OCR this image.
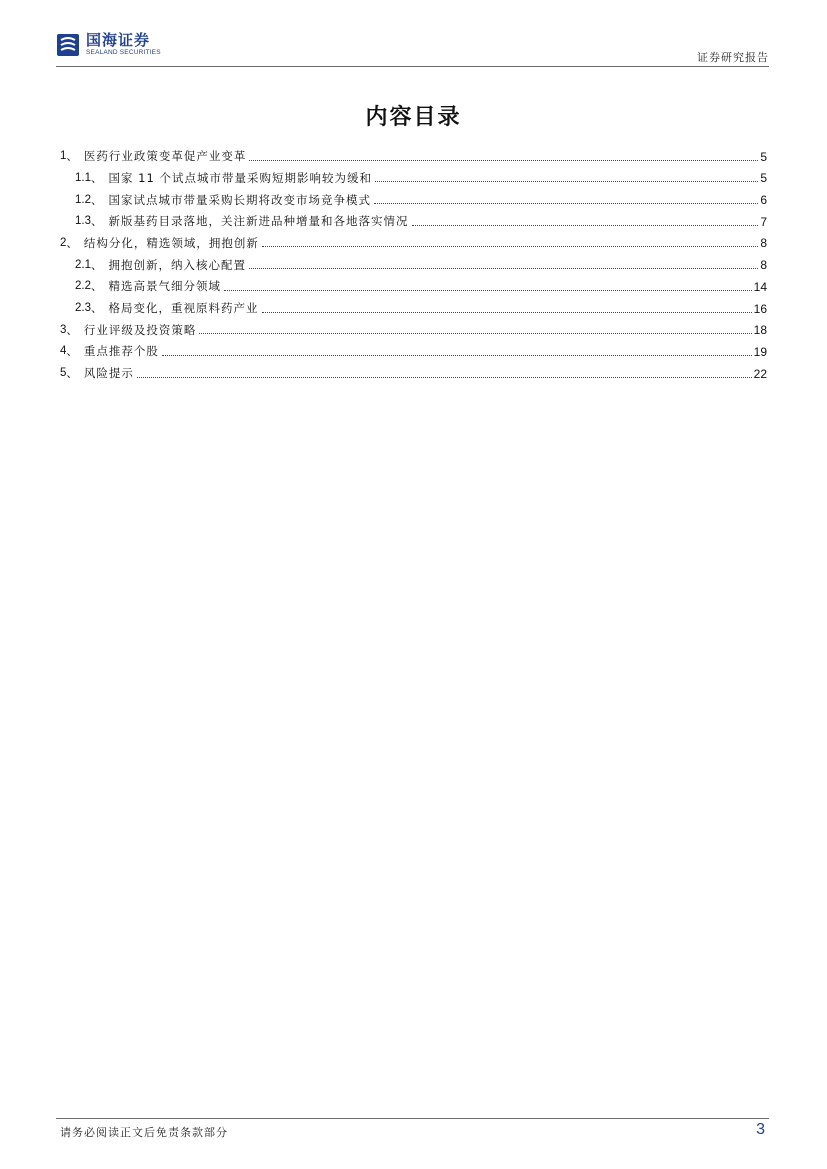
国海证券
SEALAND SECURITIES	证券研究报告
内容目录
1 、 医药行业政策变革促产业变革	5
1.1 、 国家 11 个试点城市带量采购短期影响较为缓和	5
1.2 、 国家试点城市带量采购长期将改变市场竞争模式	6
1.3 、 新版基药目录落地，关注新进品种增量和各地落实情况	7
2 、 结构分化，精选领域，拥抱创新	8
2.1 、 拥抱创新，纳入核心配置	8
2.2 、 精选高景气细分领域	14
2.3 、 格局变化，重视原料药产业	16
3 、 行业评级及投资策略	18
4 、 重点推荐个股	19
5 、 风险提示	22
请务必阅读正文后免责条款部分	3
